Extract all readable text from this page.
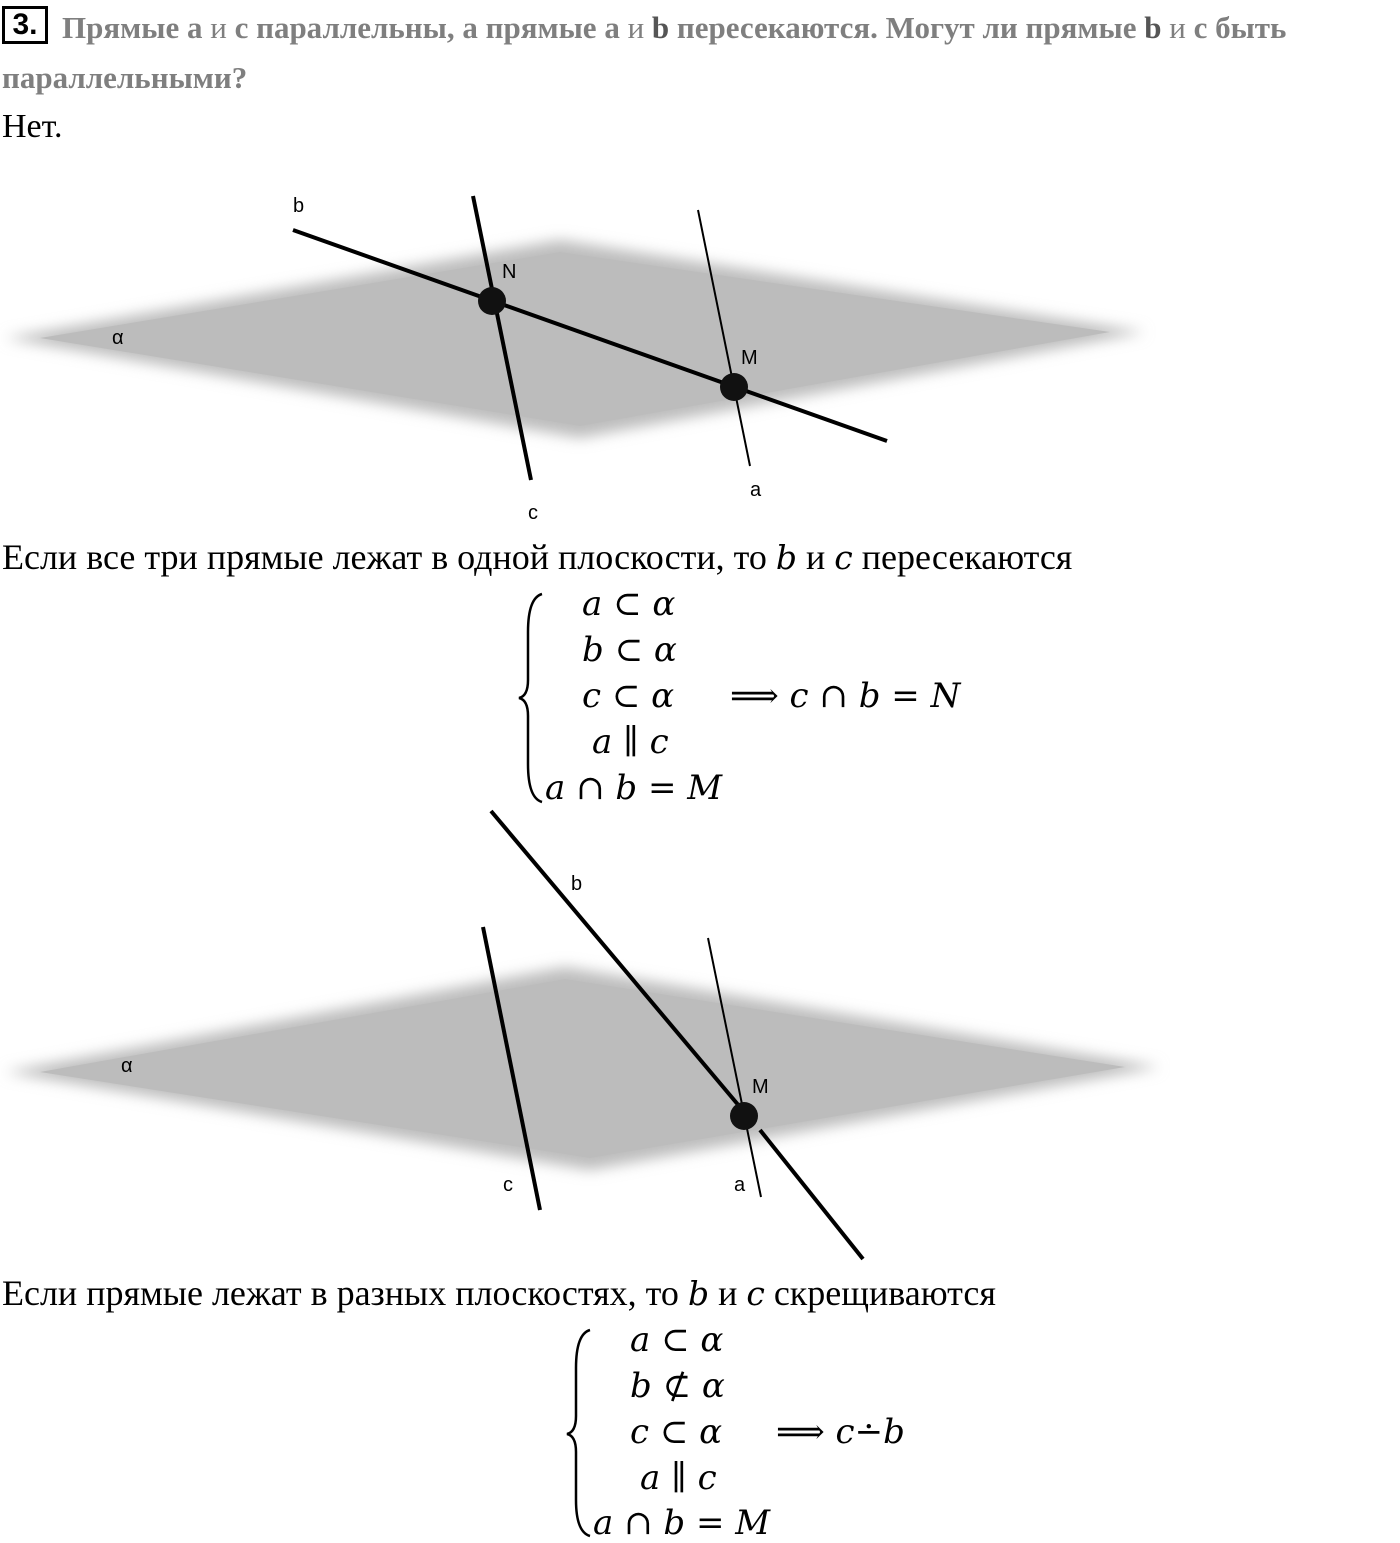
3. Прямые a и c параллельны, а прямые a и b пересекаются. Могут ли прямые b и c быть
параллельными?
Нет.
b
N
M
α
c
a
Если все три прямые лежат в одной плоскости, то b и c пересекаются
a ⊂ α
b ⊂ α
c ⊂ α
a ∥ c
a ∩ b = M
⟹ c ∩ b = N
b
M
α
c	a
Если прямые лежат в разных плоскостях, то b и c скрещиваются
a ⊂ α
b ⊄ α
c ⊂ α
a ∥ c
a ∩ b = M
⟹ c∸b
